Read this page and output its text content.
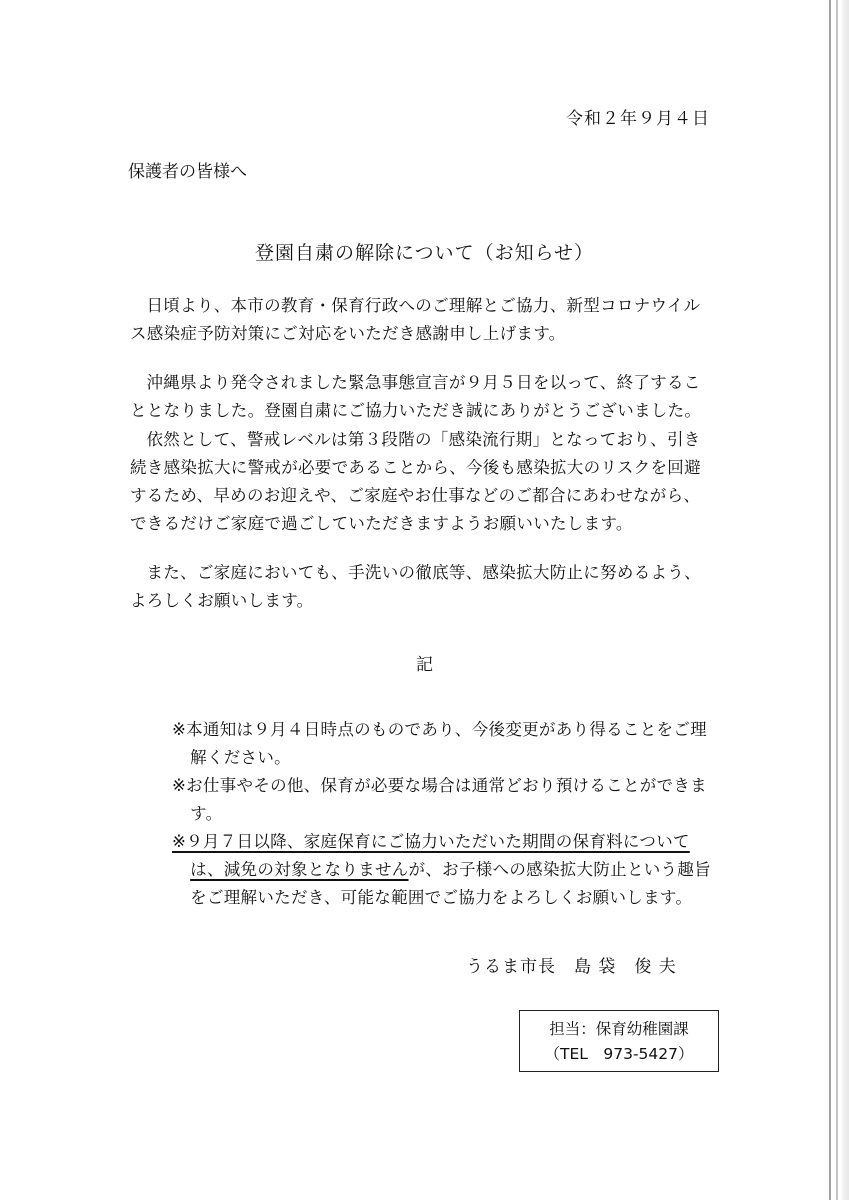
令和２年９月４日
保護者の皆様へ
登園自粛の解除について（お知らせ）

日頃より、本市の教育・保育行政へのご理解とご協力、新型コロナウイルス感染症予防対策にご対応をいただき感謝申し上げます。

沖縄県より発令されました緊急事態宣言が９月５日を以って、終了することとなりました。登園自粛にご協力いただき誠にありがとうございました。

依然として、警戒レベルは第３段階の「感染流行期」となっており、引き続き感染拡大に警戒が必要であることから、今後も感染拡大のリスクを回避するため、早めのお迎えや、ご家庭やお仕事などのご都合にあわせながら、できるだけご家庭で過ごしていただきますようお願いいたします。

また、ご家庭においても、手洗いの徹底等、感染拡大防止に努めるよう、よろしくお願いします。

記
※本通知は９月４日時点のものであり、今後変更があり得ることをご理解ください。
※お仕事やその他、保育が必要な場合は通常どおり預けることができます。
※９月７日以降、家庭保育にご協力いただいた期間の保育料については、減免の対象となりませんが、お子様への感染拡大防止という趣旨をご理解いただき、可能な範囲でご協力をよろしくお願いします。
うるま市長　島 袋　俊 夫
担当：保育幼稚園課
（TEL　973-5427）
